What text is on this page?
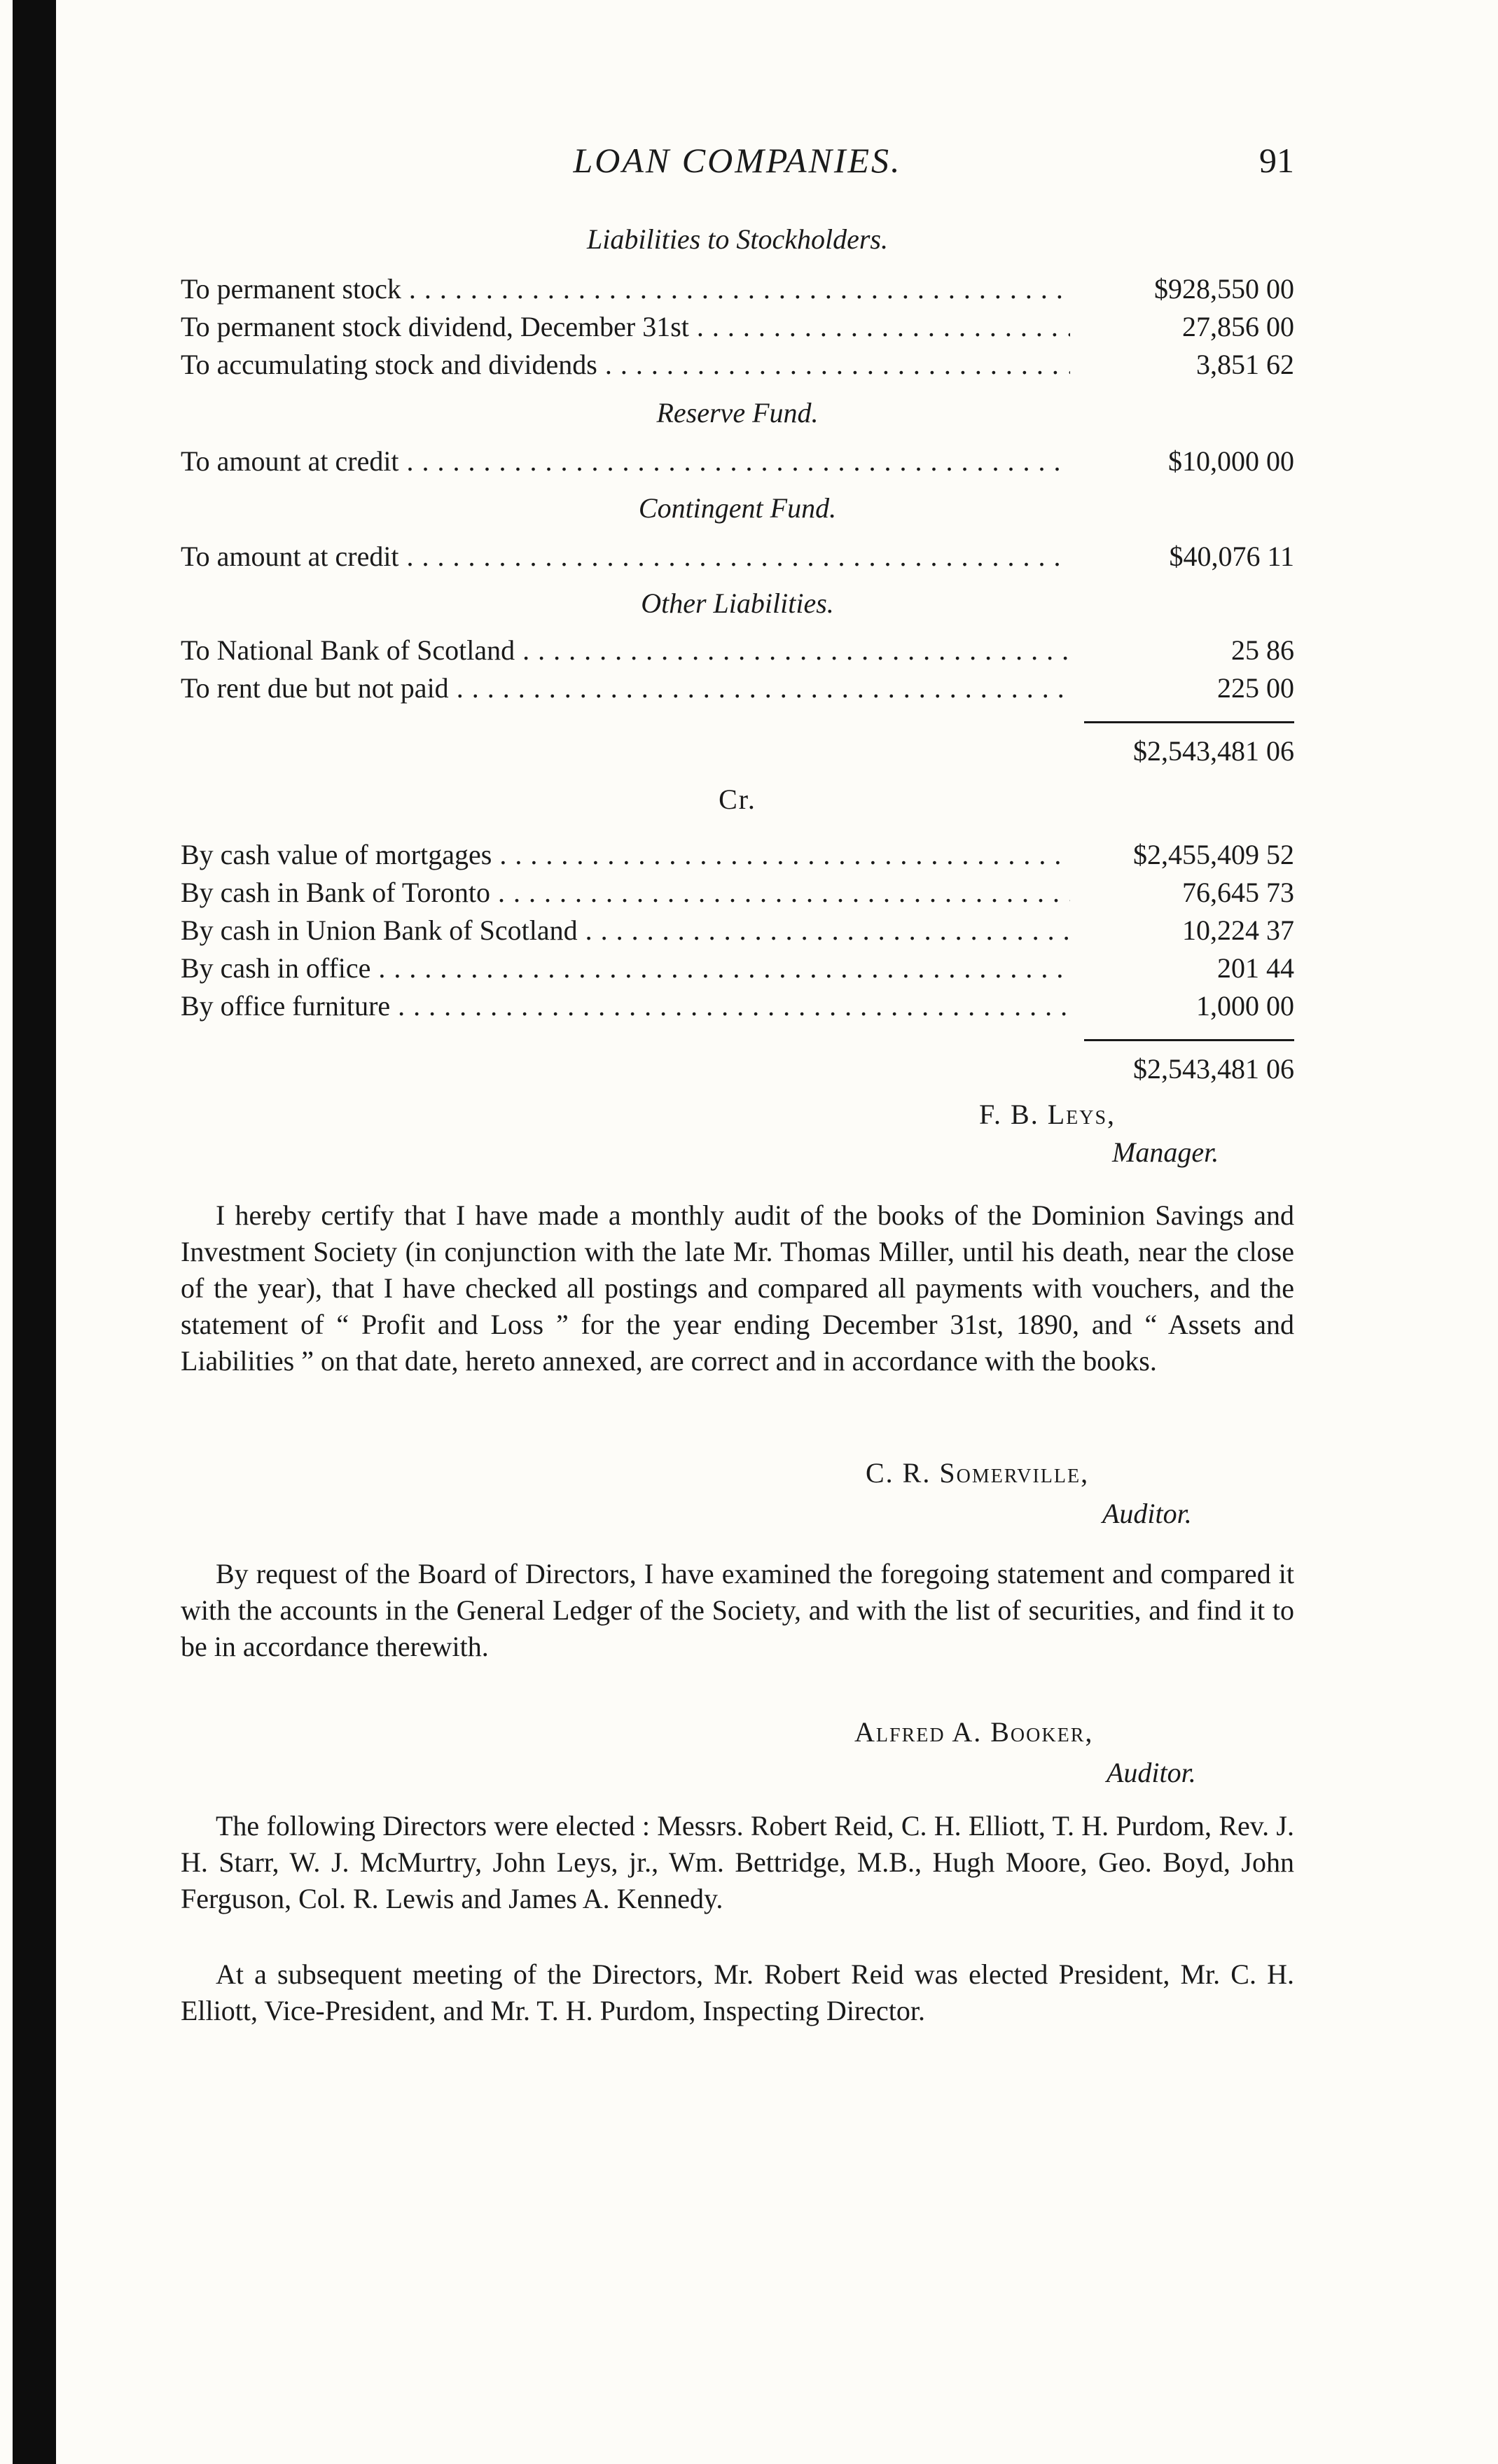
LOAN COMPANIES.	91
Liabilities to Stockholders.
To permanent stock . . .	$928,550 00
To permanent stock dividend, December 31st . . .	27,856 00
To accumulating stock and dividends . . .	3,851 62
Reserve Fund.
To amount at credit . . .	$10,000 00
Contingent Fund.
To amount at credit . . .	$40,076 11
Other Liabilities.
To National Bank of Scotland . . .	25 86
To rent due but not paid . . .	225 00
$2,543,481 06
Cr.
By cash value of mortgages . . .	$2,455,409 52
By cash in Bank of Toronto . . .	76,645 73
By cash in Union Bank of Scotland . . .	10,224 37
By cash in office . . .	201 44
By office furniture . . .	1,000 00
$2,543,481 06
F. B. Leys,
Manager.
I hereby certify that I have made a monthly audit of the books of the Dominion Savings and Investment Society (in conjunction with the late Mr. Thomas Miller, until his death, near the close of the year), that I have checked all postings and compared all payments with vouchers, and the statement of “ Profit and Loss ” for the year ending December 31st, 1890, and “ Assets and Liabilities ” on that date, hereto annexed, are correct and in accordance with the books.
C. R. Somerville,
Auditor.
By request of the Board of Directors, I have examined the foregoing statement and compared it with the accounts in the General Ledger of the Society, and with the list of securities, and find it to be in accordance therewith.
Alfred A. Booker,
Auditor.
The following Directors were elected : Messrs. Robert Reid, C. H. Elliott, T. H. Purdom, Rev. J. H. Starr, W. J. McMurtry, John Leys, jr., Wm. Bettridge, M.B., Hugh Moore, Geo. Boyd, John Ferguson, Col. R. Lewis and James A. Kennedy.
At a subsequent meeting of the Directors, Mr. Robert Reid was elected President, Mr. C. H. Elliott, Vice-President, and Mr. T. H. Purdom, Inspecting Director.
